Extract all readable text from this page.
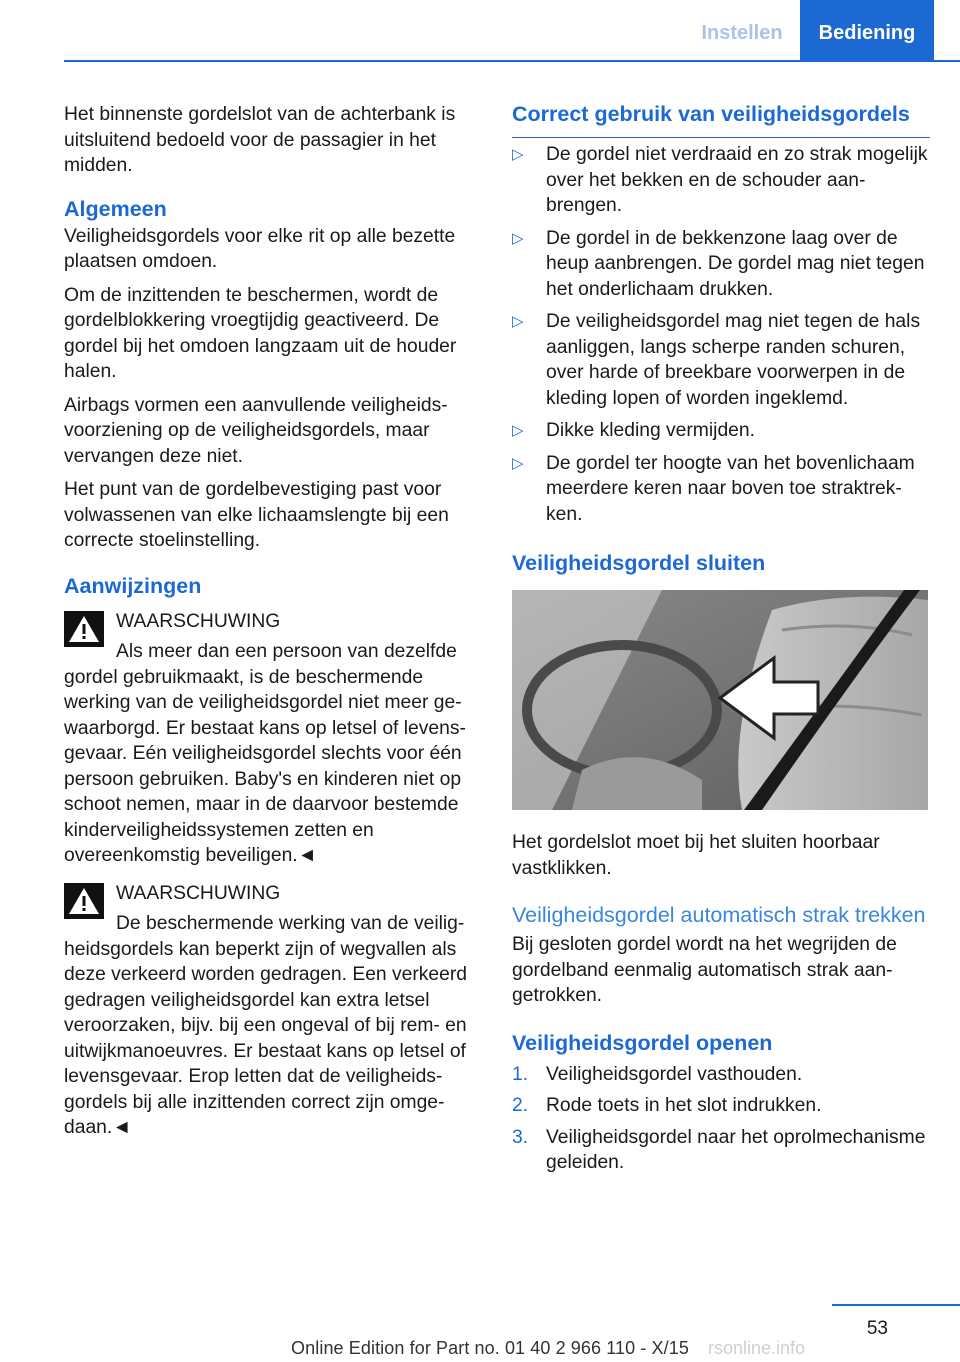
Instellen	Bediening

Het binnenste gordelslot van de achterbank is uitsluitend bedoeld voor de passagier in het midden.

Algemeen

Veiligheidsgordels voor elke rit op alle bezette plaatsen omdoen.

Om de inzittenden te beschermen, wordt de gordelblokkering vroegtijdig geactiveerd. De gordel bij het omdoen langzaam uit de houder halen.

Airbags vormen een aanvullende veiligheidsvoorziening op de veiligheidsgordels, maar vervangen deze niet.

Het punt van de gordelbevestiging past voor volwassenen van elke lichaamslengte bij een correcte stoelinstelling.

Aanwijzingen
WAARSCHUWING
Als meer dan een persoon van dezelfde gordel gebruikmaakt, is de beschermende werking van de veiligheidsgordel niet meer gewaarborgd. Er bestaat kans op letsel of levensgevaar. Eén veiligheidsgordel slechts voor één persoon gebruiken. Baby's en kinderen niet op schoot nemen, maar in de daarvoor bestemde kinderveiligheidssystemen zetten en overeenkomstig beveiligen.◄
WAARSCHUWING
De beschermende werking van de veiligheidsgordels kan beperkt zijn of wegvallen als deze verkeerd worden gedragen. Een verkeerd gedragen veiligheidsgordel kan extra letsel veroorzaken, bijv. bij een ongeval of bij rem- en uitwijkmanoeuvres. Er bestaat kans op letsel of levensgevaar. Erop letten dat de veiligheidsgordels bij alle inzittenden correct zijn omgedaan.◄
Correct gebruik van veiligheidsgordels
▷ De gordel niet verdraaid en zo strak mogelijk over het bekken en de schouder aanbrengen.
▷ De gordel in de bekkenzone laag over de heup aanbrengen. De gordel mag niet tegen het onderlichaam drukken.
▷ De veiligheidsgordel mag niet tegen de hals aanliggen, langs scherpe randen schuren, over harde of breekbare voorwerpen in de kleding lopen of worden ingeklemd.
▷ Dikke kleding vermijden.
▷ De gordel ter hoogte van het bovenlichaam meerdere keren naar boven toe straktrekken.
Veiligheidsgordel sluiten

Het gordelslot moet bij het sluiten hoorbaar vastklikken.

Veiligheidsgordel automatisch strak trekken

Bij gesloten gordel wordt na het wegrijden de gordelband eenmalig automatisch strak aangetrokken.

Veiligheidsgordel openen
1. Veiligheidsgordel vasthouden.
2. Rode toets in het slot indrukken.
3. Veiligheidsgordel naar het oprolmechanisme geleiden.
53
Online Edition for Part no. 01 40 2 966 110 - X/15	rsonline.info
